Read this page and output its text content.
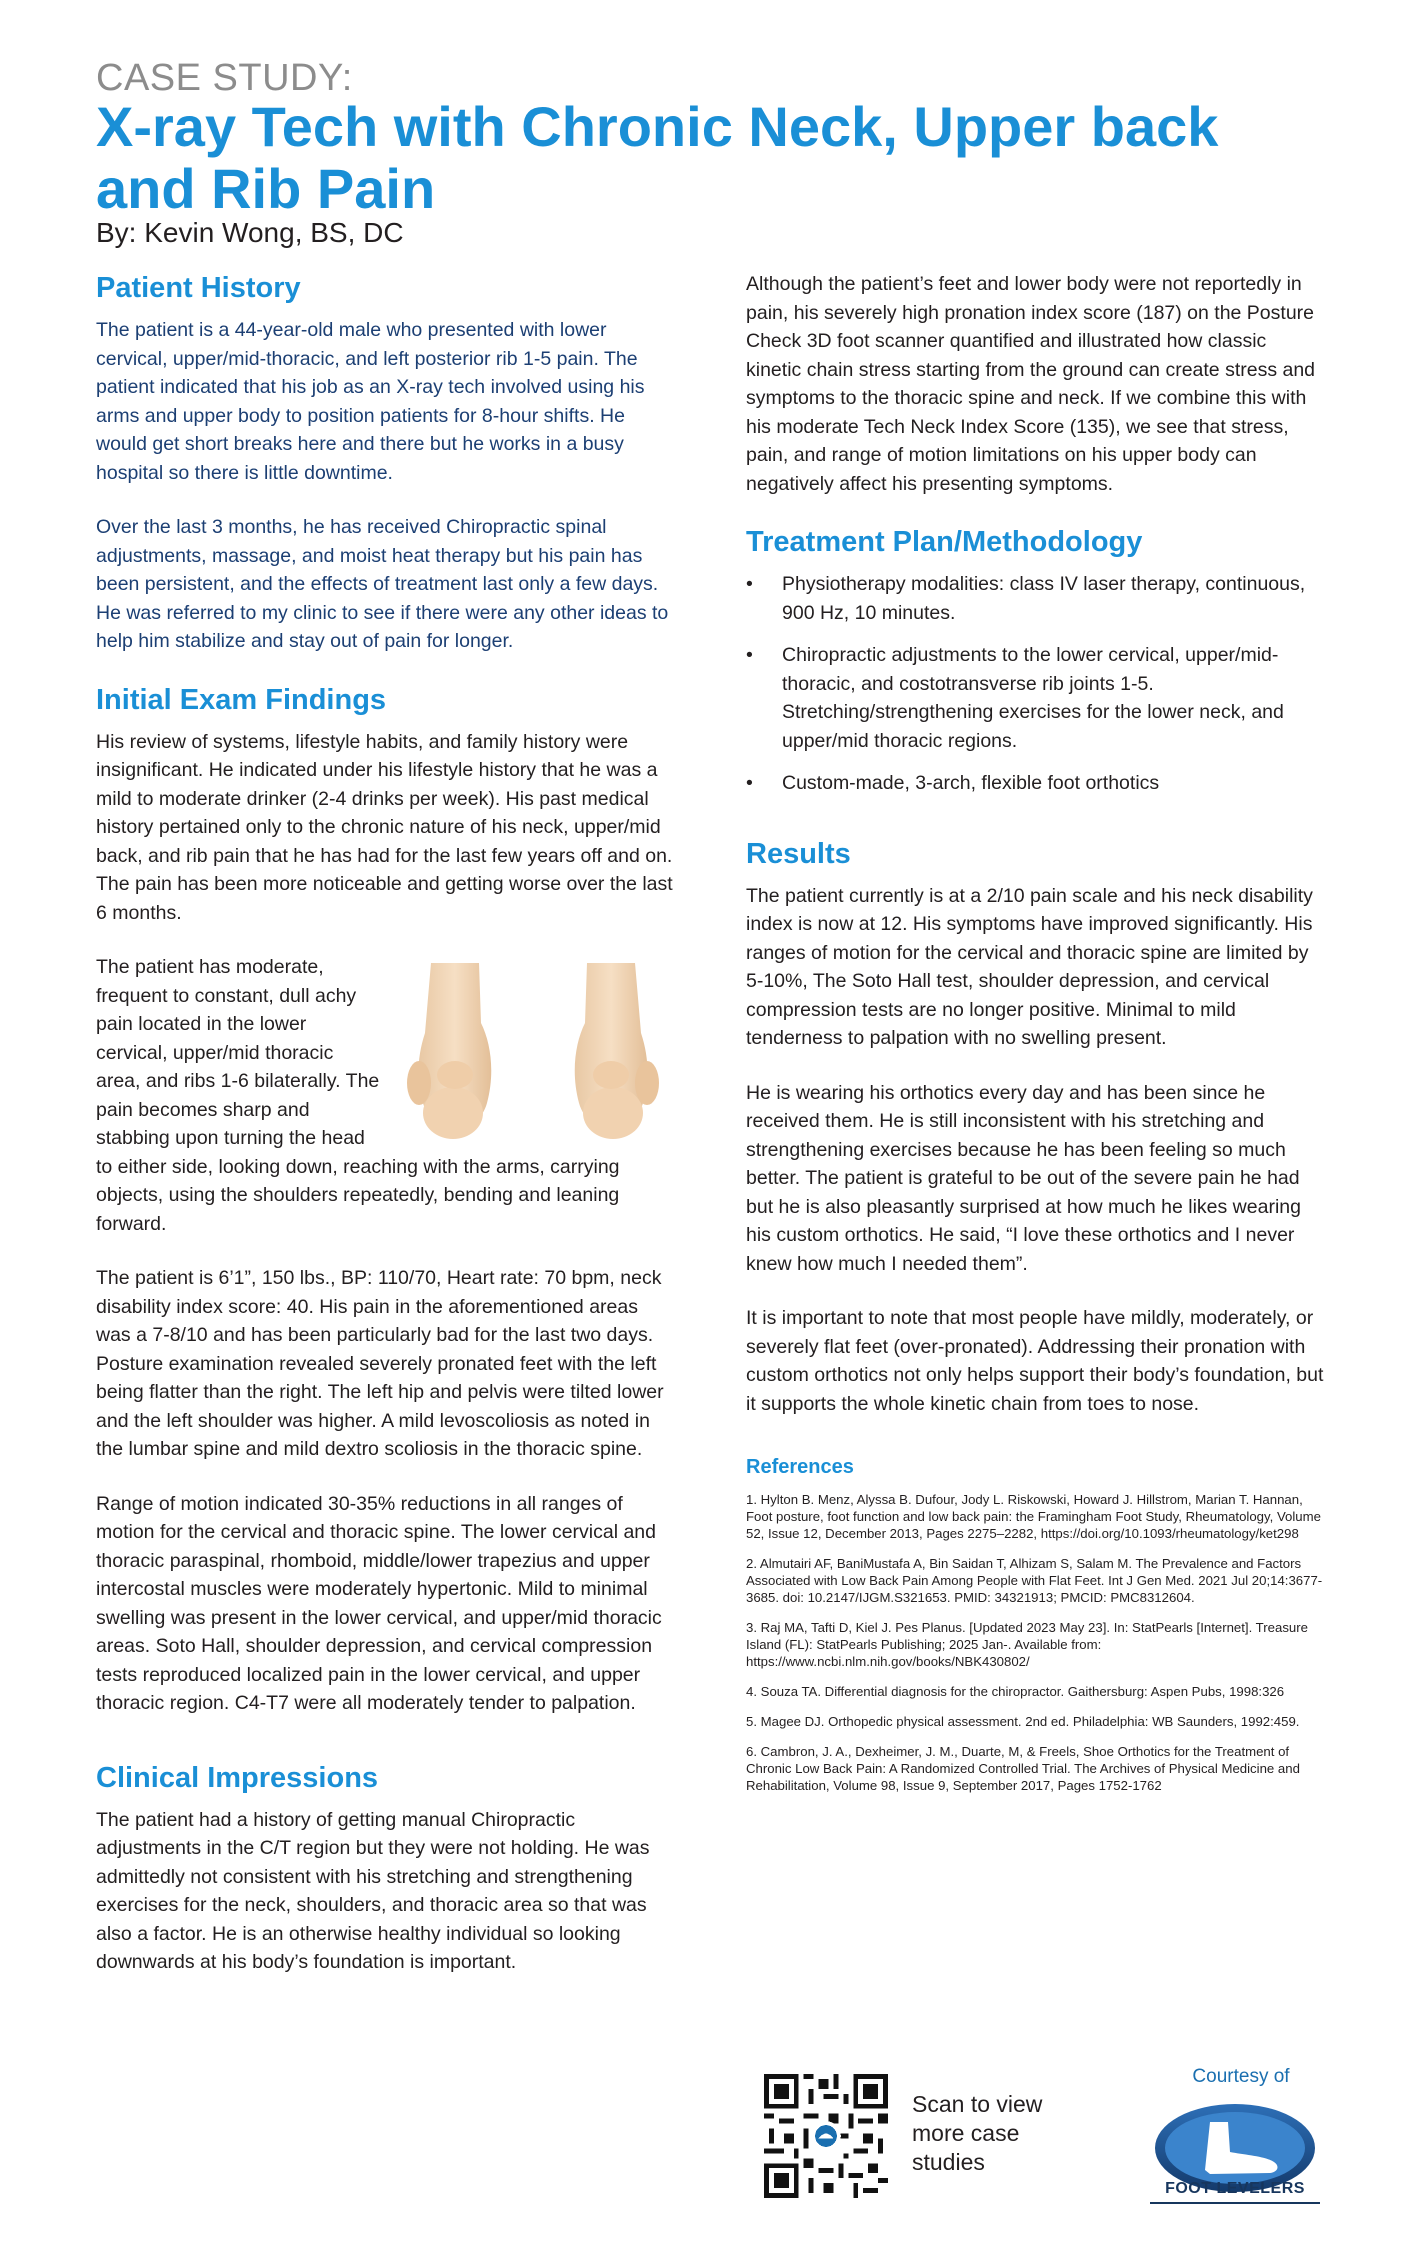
CASE STUDY:
X-ray Tech with Chronic Neck, Upper back and Rib Pain
By: Kevin Wong, BS, DC
Patient History

The patient is a 44-year-old male who presented with lower cervical, upper/mid-thoracic, and left posterior rib 1-5 pain. The patient indicated that his job as an X-ray tech involved using his arms and upper body to position patients for 8-hour shifts. He would get short breaks here and there but he works in a busy hospital so there is little downtime.

Over the last 3 months, he has received Chiropractic spinal adjustments, massage, and moist heat therapy but his pain has been persistent, and the effects of treatment last only a few days. He was referred to my clinic to see if there were any other ideas to help him stabilize and stay out of pain for longer.

Initial Exam Findings

His review of systems, lifestyle habits, and family history were insignificant. He indicated under his lifestyle history that he was a mild to moderate drinker (2-4 drinks per week). His past medical history pertained only to the chronic nature of his neck, upper/mid back, and rib pain that he has had for the last few years off and on. The pain has been more noticeable and getting worse over the last 6 months.

The patient has moderate, frequent to constant, dull achy pain located in the lower cervical, upper/mid thoracic area, and ribs 1-6 bilaterally. The pain becomes sharp and stabbing upon turning the head to either side, looking down, reaching with the arms, carrying objects, using the shoulders repeatedly, bending and leaning forward.

The patient is 6’1”, 150 lbs., BP: 110/70, Heart rate: 70 bpm, neck disability index score: 40. His pain in the aforementioned areas was a 7-8/10 and has been particularly bad for the last two days. Posture examination revealed severely pronated feet with the left being flatter than the right. The left hip and pelvis were tilted lower and the left shoulder was higher. A mild levoscoliosis as noted in the lumbar spine and mild dextro scoliosis in the thoracic spine.

Range of motion indicated 30-35% reductions in all ranges of motion for the cervical and thoracic spine. The lower cervical and thoracic paraspinal, rhomboid, middle/lower trapezius and upper intercostal muscles were moderately hypertonic. Mild to minimal swelling was present in the lower cervical, and upper/mid thoracic areas. Soto Hall, shoulder depression, and cervical compression tests reproduced localized pain in the lower cervical, and upper thoracic region. C4-T7 were all moderately tender to palpation.

Clinical Impressions

The patient had a history of getting manual Chiropractic adjustments in the C/T region but they were not holding. He was admittedly not consistent with his stretching and strengthening exercises for the neck, shoulders, and thoracic area so that was also a factor. He is an otherwise healthy individual so looking downwards at his body’s foundation is important.

Although the patient’s feet and lower body were not reportedly in pain, his severely high pronation index score (187) on the Posture Check 3D foot scanner quantified and illustrated how classic kinetic chain stress starting from the ground can create stress and symptoms to the thoracic spine and neck. If we combine this with his moderate Tech Neck Index Score (135), we see that stress, pain, and range of motion limitations on his upper body can negatively affect his presenting symptoms.

Treatment Plan/Methodology
• Physiotherapy modalities: class IV laser therapy, continuous, 900 Hz, 10 minutes.
• Chiropractic adjustments to the lower cervical, upper/mid-thoracic, and costotransverse rib joints 1-5. Stretching/strengthening exercises for the lower neck, and upper/mid thoracic regions.
• Custom-made, 3-arch, flexible foot orthotics
Results

The patient currently is at a 2/10 pain scale and his neck disability index is now at 12. His symptoms have improved significantly. His ranges of motion for the cervical and thoracic spine are limited by 5-10%, The Soto Hall test, shoulder depression, and cervical compression tests are no longer positive. Minimal to mild tenderness to palpation with no swelling present.

He is wearing his orthotics every day and has been since he received them. He is still inconsistent with his stretching and strengthening exercises because he has been feeling so much better. The patient is grateful to be out of the severe pain he had but he is also pleasantly surprised at how much he likes wearing his custom orthotics. He said, “I love these orthotics and I never knew how much I needed them”.

It is important to note that most people have mildly, moderately, or severely flat feet (over-pronated). Addressing their pronation with custom orthotics not only helps support their body’s foundation, but it supports the whole kinetic chain from toes to nose.

References

1. Hylton B. Menz, Alyssa B. Dufour, Jody L. Riskowski, Howard J. Hillstrom, Marian T. Hannan, Foot posture, foot function and low back pain: the Framingham Foot Study, Rheumatology, Volume 52, Issue 12, December 2013, Pages 2275–2282, https://doi.org/10.1093/rheumatology/ket298

2. Almutairi AF, BaniMustafa A, Bin Saidan T, Alhizam S, Salam M. The Prevalence and Factors Associated with Low Back Pain Among People with Flat Feet. Int J Gen Med. 2021 Jul 20;14:3677-3685. doi: 10.2147/IJGM.S321653. PMID: 34321913; PMCID: PMC8312604.

3. Raj MA, Tafti D, Kiel J. Pes Planus. [Updated 2023 May 23]. In: StatPearls [Internet]. Treasure Island (FL): StatPearls Publishing; 2025 Jan-. Available from: https://www.ncbi.nlm.nih.gov/books/NBK430802/

4. Souza TA. Differential diagnosis for the chiropractor. Gaithersburg: Aspen Pubs, 1998:326

5. Magee DJ. Orthopedic physical assessment. 2nd ed. Philadelphia: WB Saunders, 1992:459.

6. Cambron, J. A., Dexheimer, J. M., Duarte, M, & Freels, Shoe Orthotics for the Treatment of Chronic Low Back Pain: A Randomized Controlled Trial. The Archives of Physical Medicine and Rehabilitation, Volume 98, Issue 9, September 2017, Pages 1752-1762

Scan to view more case studies
Courtesy of
FOOT LEVELERS
